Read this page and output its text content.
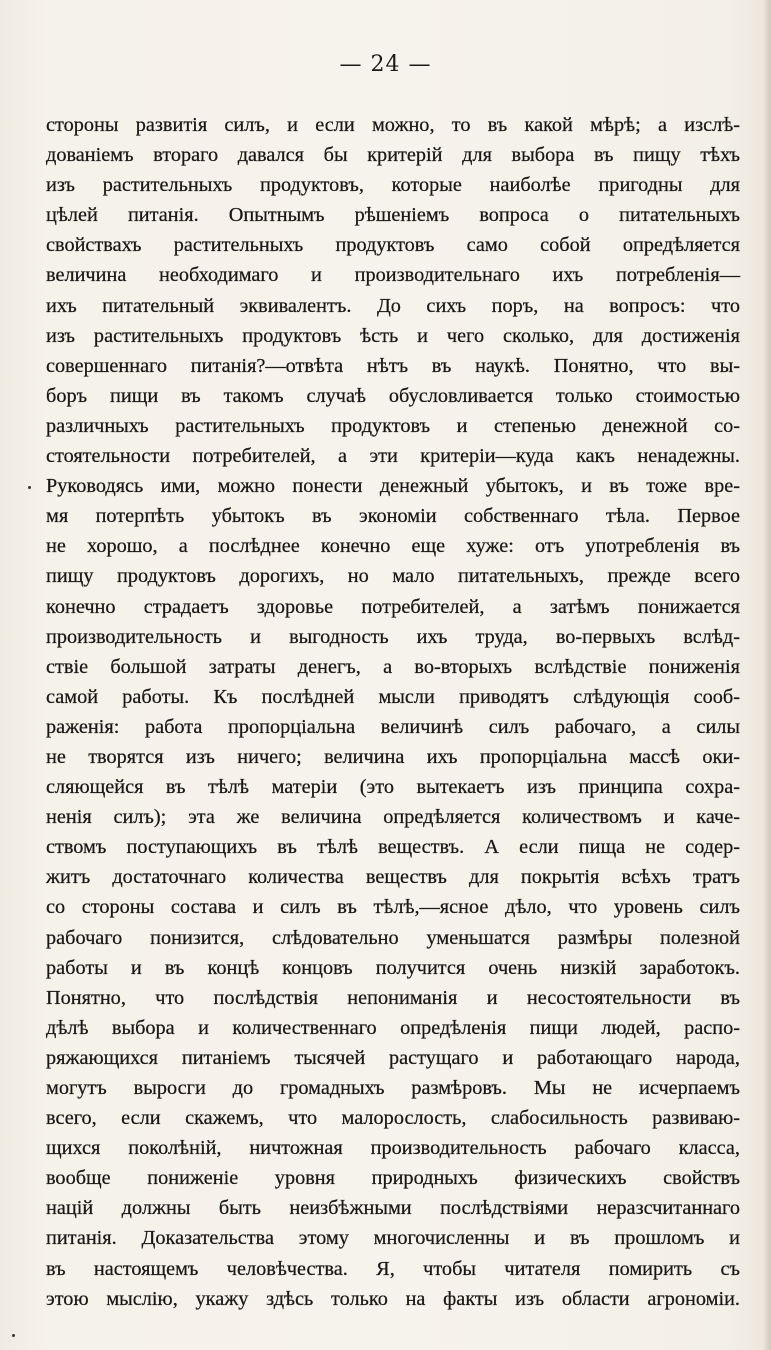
— 24 —
стороны развитія силъ, и если можно, то въ какой мѣрѣ; а изслѣ-
дованіемъ втораго давался бы критерій для выбора въ пищу тѣхъ
изъ растительныхъ продуктовъ, которые наиболѣе пригодны для
цѣлей питанія. Опытнымъ рѣшеніемъ вопроса о питательныхъ
свойствахъ растительныхъ продуктовъ само собой опредѣляется
величина необходимаго и производительнаго ихъ потребленія—
ихъ питательный эквивалентъ. До сихъ поръ, на вопросъ: что
изъ растительныхъ продуктовъ ѣсть и чего сколько, для достиженія
совершеннаго питанія?—отвѣта нѣтъ въ наукѣ. Понятно, что вы-
боръ пищи въ такомъ случаѣ обусловливается только стоимостью
различныхъ растительныхъ продуктовъ и степенью денежной со-
стоятельности потребителей, а эти критеріи—куда какъ ненадежны.
Руководясь ими, можно понести денежный убытокъ, и въ тоже вре-
мя потерпѣть убытокъ въ экономіи собственнаго тѣла. Первое
не хорошо, а послѣднее конечно еще хуже: отъ употребленія въ
пищу продуктовъ дорогихъ, но мало питательныхъ, прежде всего
конечно страдаетъ здоровье потребителей, а затѣмъ понижается
производительность и выгодность ихъ труда, во-первыхъ вслѣд-
ствіе большой затраты денегъ, а во-вторыхъ вслѣдствіе пониженія
самой работы. Къ послѣдней мысли приводятъ слѣдующія сооб-
раженія: работа пропорціальна величинѣ силъ рабочаго, а силы
не творятся изъ ничего; величина ихъ пропорціальна массѣ оки-
сляющейся въ тѣлѣ матеріи (это вытекаетъ изъ принципа сохра-
ненія силъ); эта же величина опредѣляется количествомъ и каче-
ствомъ поступающихъ въ тѣлѣ веществъ. А если пища не содер-
житъ достаточнаго количества веществъ для покрытія всѣхъ тратъ
со стороны состава и силъ въ тѣлѣ,—ясное дѣло, что уровень силъ
рабочаго понизится, слѣдовательно уменьшатся размѣры полезной
работы и въ концѣ концовъ получится очень низкій заработокъ.
Понятно, что послѣдствія непониманія и несостоятельности въ
дѣлѣ выбора и количественнаго опредѣленія пищи людей, распо-
ряжающихся питаніемъ тысячей растущаго и работающаго народа,
могутъ выросги до громадныхъ размѣровъ. Мы не исчерпаемъ
всего, если скажемъ, что малорослость, слабосильность развиваю-
щихся поколѣній, ничтожная производительность рабочаго класса,
вообще пониженіе уровня природныхъ физическихъ свойствъ
націй должны быть неизбѣжными послѣдствіями неразсчитаннаго
питанія. Доказательства этому многочисленны и въ прошломъ и
въ настоящемъ человѣчества. Я, чтобы читателя помирить съ
этою мыслію, укажу здѣсь только на факты изъ области агрономіи.
